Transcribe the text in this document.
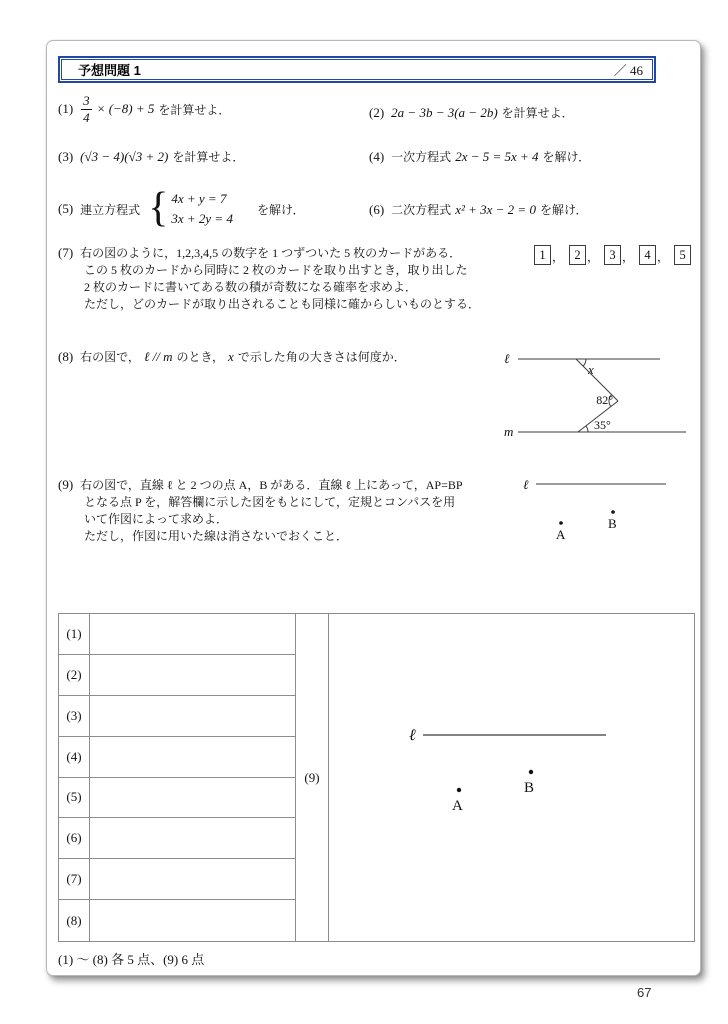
予想問題 1	／ 46
$(1) \frac{3}{4} \times (-8) + 5$ を計算せよ．	(2) 2a − 3b − 3(a − 2b) を計算せよ．
(3) (√3 − 4)(√3 + 2) を計算せよ．	(4) 一次方程式 2x − 5 = 5x + 4 を解け．
(5) 連立方程式 { 4x + y = 7
3x + 2y = 4
を解け．	(6) 二次方程式 x² + 3x − 2 = 0 を解け．
(7) 右の図のように，1,2,3,4,5 の数字を 1 つずついた 5 枚のカードがある．
この 5 枚のカードから同時に 2 枚のカードを取り出すとき，取り出した
2 枚のカードに書いてある数の積が奇数になる確率を求めよ．
ただし，どのカードが取り出されることも同様に確からしいものとする．
1 ， 2 ， 3 ， 4 ， 5
(8) 右の図で， ℓ // m のとき， x で示した角の大きさは何度か．	ℓ
m
x
82°
35°
(9) 右の図で，直線 ℓ と 2 つの点 A，B がある．直線 ℓ 上にあって，AP=BP
となる点 P を，解答欄に示した図をもとにして，定規とコンパスを用
いて作図によって求めよ．
ただし，作図に用いた線は消さないでおくこと．
ℓ
B
A
(9)
ℓ
B
A
(1)
(2)
(3)
(4)
(5)
(6)
(7)
(8)
(1) ～ (8) 各 5 点、(9) 6 点
67
